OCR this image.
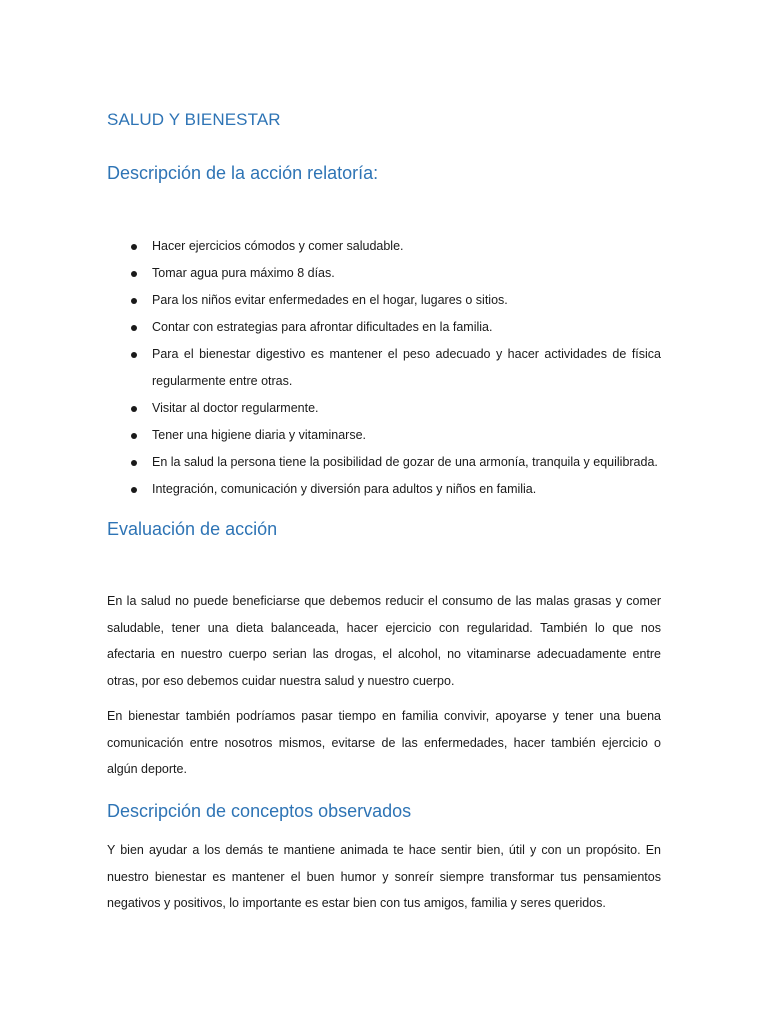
SALUD Y BIENESTAR
Descripción de la acción relatoría:
Hacer ejercicios cómodos y comer saludable.
Tomar agua pura máximo 8 días.
Para los niños evitar enfermedades en el hogar, lugares o sitios.
Contar con estrategias para afrontar dificultades en la familia.
Para el bienestar digestivo es mantener el peso adecuado y hacer actividades de física regularmente entre otras.
Visitar al doctor regularmente.
Tener una higiene diaria y vitaminarse.
En la salud la persona tiene la posibilidad de gozar de una armonía, tranquila y equilibrada.
Integración, comunicación y diversión para adultos y niños en familia.
Evaluación de acción

En la salud no puede beneficiarse que debemos reducir el consumo de las malas grasas y comer saludable, tener una dieta balanceada, hacer ejercicio con regularidad. También lo que nos afectaria en nuestro cuerpo serian las drogas, el alcohol, no vitaminarse adecuadamente entre otras, por eso debemos cuidar nuestra salud y nuestro cuerpo.

En bienestar también podríamos pasar tiempo en familia convivir, apoyarse y tener una buena comunicación entre nosotros mismos, evitarse de las enfermedades, hacer también ejercicio o algún deporte.

Descripción de conceptos observados

Y bien ayudar a los demás te mantiene animada te hace sentir bien, útil y con un propósito. En nuestro bienestar es mantener el buen humor y sonreír siempre transformar tus pensamientos negativos y positivos, lo importante es estar bien con tus amigos, familia y seres queridos.
